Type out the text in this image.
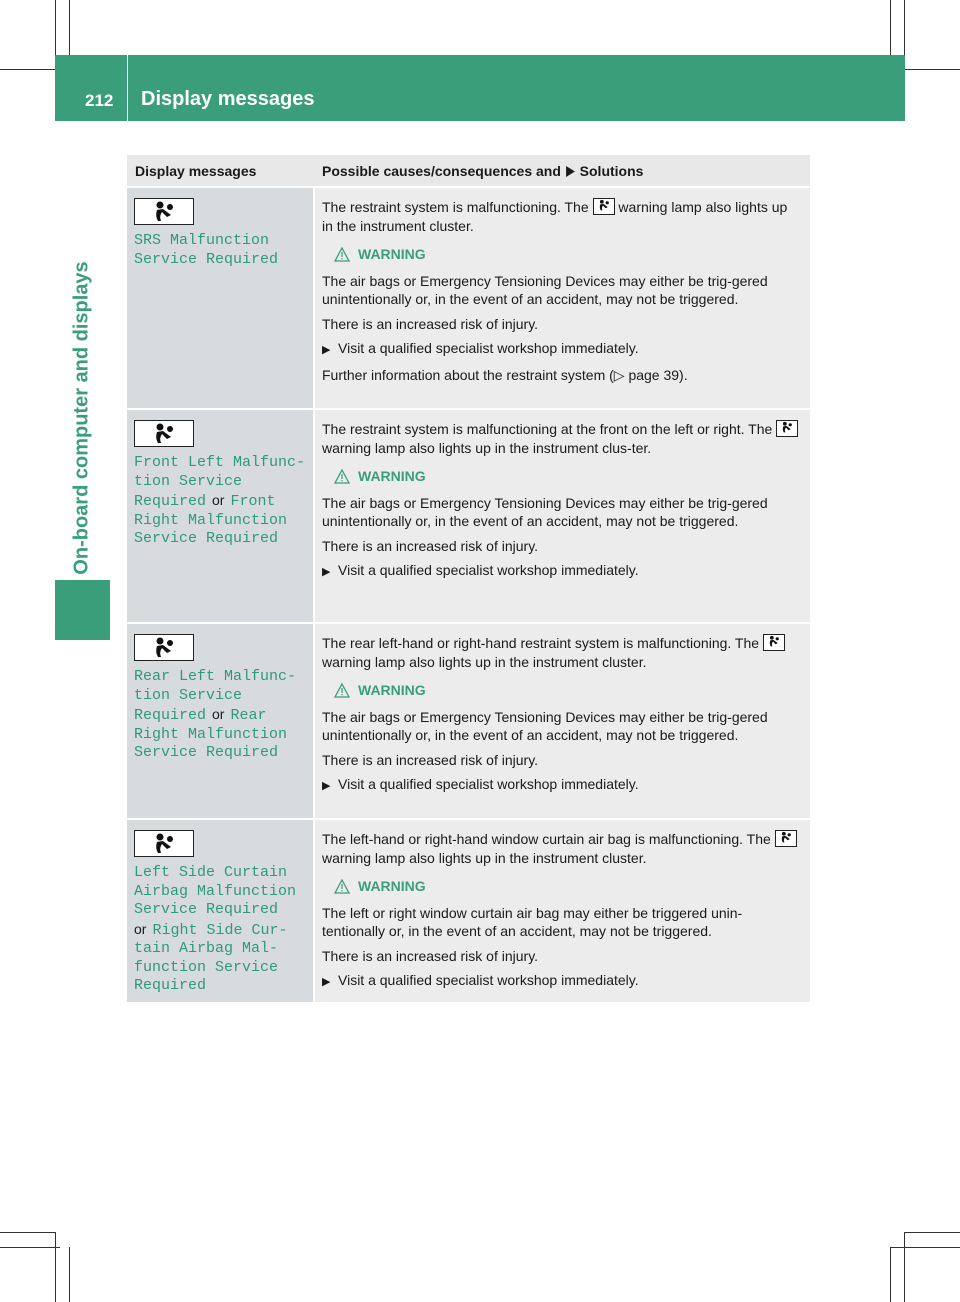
212 Display messages
On-board computer and displays
Display messages	Possible causes/consequences and Solutions
SRS Malfunction
Service Required

The restraint system is malfunctioning. The warning lamp also lights up in the instrument cluster.

WARNING

The air bags or Emergency Tensioning Devices may either be trig-gered unintentionally or, in the event of an accident, may not be triggered.

There is an increased risk of injury.

▶ Visit a qualified specialist workshop immediately.

Further information about the restraint system (▷ page 39).

Front Left Malfunc‐
tion Service
Required or Front
Right Malfunction
Service Required

The restraint system is malfunctioning at the front on the left or right. The
warning lamp also lights up in the instrument clus-ter.

WARNING

The air bags or Emergency Tensioning Devices may either be trig-gered unintentionally or, in the event of an accident, may not be triggered.

There is an increased risk of injury.

▶ Visit a qualified specialist workshop immediately.

Rear Left Malfunc‐
tion Service
Required or Rear
Right Malfunction
Service Required

The rear left-hand or right-hand restraint system is malfunctioning. The
warning lamp also lights up in the instrument cluster.

WARNING

The air bags or Emergency Tensioning Devices may either be trig-gered unintentionally or, in the event of an accident, may not be triggered.

There is an increased risk of injury.

▶ Visit a qualified specialist workshop immediately.

Left Side Curtain
Airbag Malfunction
Service Required
or Right Side Cur‐
tain Airbag Mal‐
function Service
Required

The left-hand or right-hand window curtain air bag is malfunctioning. The
warning lamp also lights up in the instrument cluster.

WARNING

The left or right window curtain air bag may either be triggered unin-tentionally or, in the event of an accident, may not be triggered.

There is an increased risk of injury.

▶ Visit a qualified specialist workshop immediately.
